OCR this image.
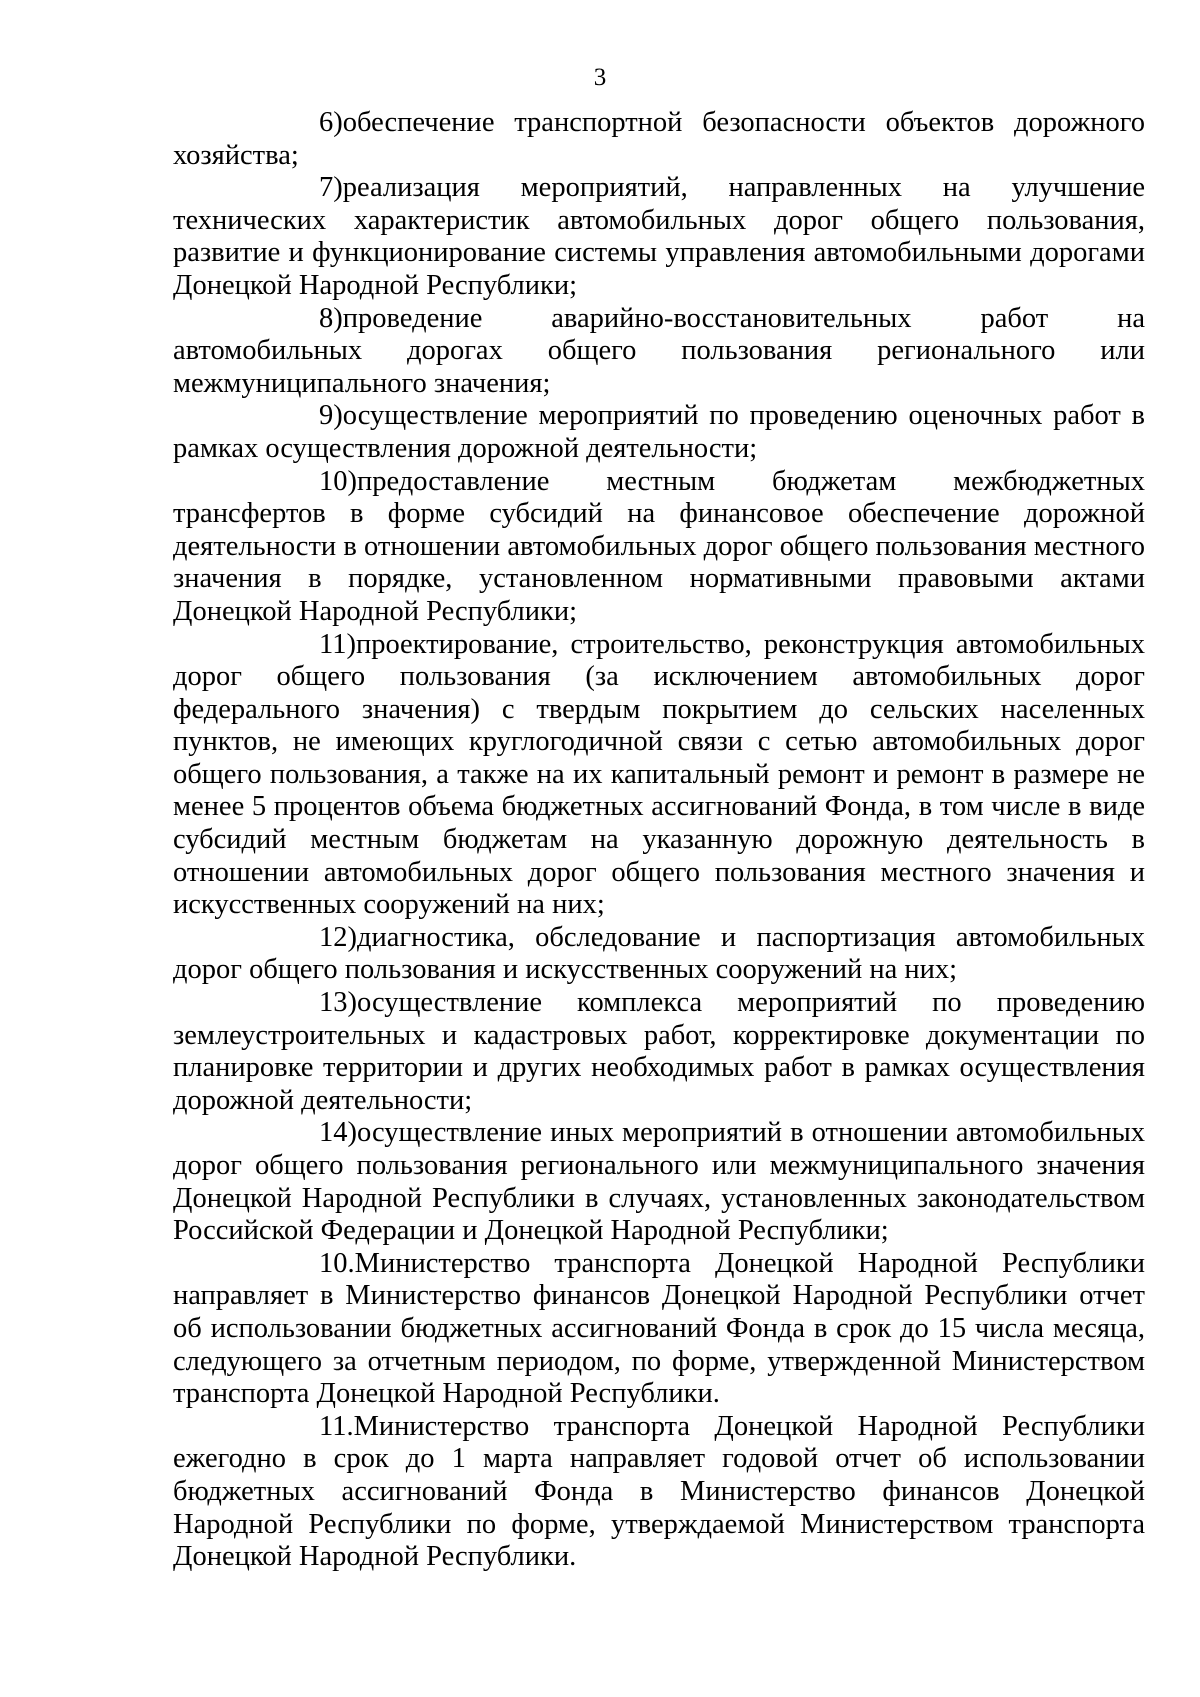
3

6)обеспечение транспортной безопасности объектов дорожного хозяйства;

7)реализация мероприятий, направленных на улучшение технических характеристик автомобильных дорог общего пользования, развитие и функционирование системы управления автомобильными дорогами Донецкой Народной Республики;

8)проведение аварийно-восстановительных работ на автомобильных дорогах общего пользования регионального или межмуниципального значения;

9)осуществление мероприятий по проведению оценочных работ в рамках осуществления дорожной деятельности;

10)предоставление местным бюджетам межбюджетных трансфертов в форме субсидий на финансовое обеспечение дорожной деятельности в отношении автомобильных дорог общего пользования местного значения в порядке, установленном нормативными правовыми актами Донецкой Народной Республики;

11)проектирование, строительство, реконструкция автомобильных дорог общего пользования (за исключением автомобильных дорог федерального значения) с твердым покрытием до сельских населенных пунктов, не имеющих круглогодичной связи с сетью автомобильных дорог общего пользования, а также на их капитальный ремонт и ремонт в размере не менее 5 процентов объема бюджетных ассигнований Фонда, в том числе в виде субсидий местным бюджетам на указанную дорожную деятельность в отношении автомобильных дорог общего пользования местного значения и искусственных сооружений на них;

12)диагностика, обследование и паспортизация автомобильных дорог общего пользования и искусственных сооружений на них;

13)осуществление комплекса мероприятий по проведению землеустроительных и кадастровых работ, корректировке документации по планировке территории и других необходимых работ в рамках осуществления дорожной деятельности;

14)осуществление иных мероприятий в отношении автомобильных дорог общего пользования регионального или межмуниципального значения Донецкой Народной Республики в случаях, установленных законодательством Российской Федерации и Донецкой Народной Республики;

10.Министерство транспорта Донецкой Народной Республики направляет в Министерство финансов Донецкой Народной Республики отчет об использовании бюджетных ассигнований Фонда в срок до 15 числа месяца, следующего за отчетным периодом, по форме, утвержденной Министерством транспорта Донецкой Народной Республики.

11.Министерство транспорта Донецкой Народной Республики ежегодно в срок до 1 марта направляет годовой отчет об использовании бюджетных ассигнований Фонда в Министерство финансов Донецкой Народной Республики по форме, утверждаемой Министерством транспорта Донецкой Народной Республики.
